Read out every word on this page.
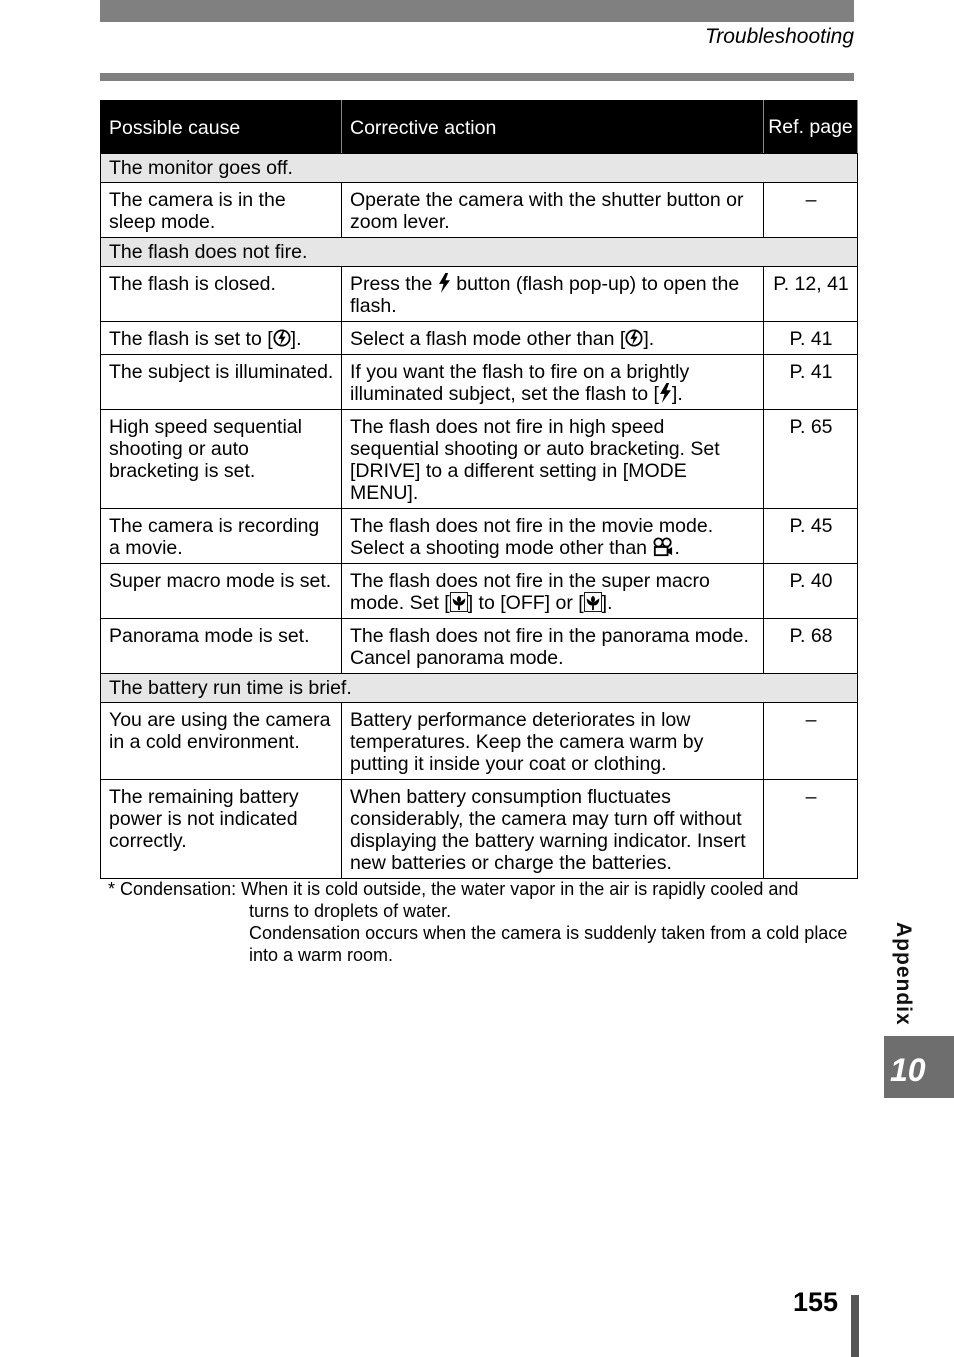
Troubleshooting
Possible cause	Corrective action	Ref. page
The monitor goes off.		
The camera is in the sleep mode.	Operate the camera with the shutter button or zoom lever.	–
The flash does not fire.		
The flash is closed.	Press the button (flash pop-up) to open the flash.	P. 12, 41
The flash is set to [ ].	Select a flash mode other than [ ].	P. 41
The subject is illuminated.	If you want the flash to fire on a brightly illuminated subject, set the flash to [ ].	P. 41
High speed sequential shooting or auto bracketing is set.	The flash does not fire in high speed sequential shooting or auto bracketing. Set [DRIVE] to a different setting in [MODE MENU].	P. 65
The camera is recording a movie.	The flash does not fire in the movie mode. Select a shooting mode other than .	P. 45
Super macro mode is set.	The flash does not fire in the super macro mode. Set [ ] to [OFF] or [ ].	P. 40
Panorama mode is set.	The flash does not fire in the panorama mode. Cancel panorama mode.	P. 68
The battery run time is brief.		
You are using the camera in a cold environment.	Battery performance deteriorates in low temperatures. Keep the camera warm by putting it inside your coat or clothing.	–
The remaining battery power is not indicated correctly.	When battery consumption fluctuates considerably, the camera may turn off without displaying the battery warning indicator. Insert new batteries or charge the batteries.	–
* Condensation: When it is cold outside, the water vapor in the air is rapidly cooled and
turns to droplets of water.
Condensation occurs when the camera is suddenly taken from a cold place into a warm room.	Appendix
10
155
